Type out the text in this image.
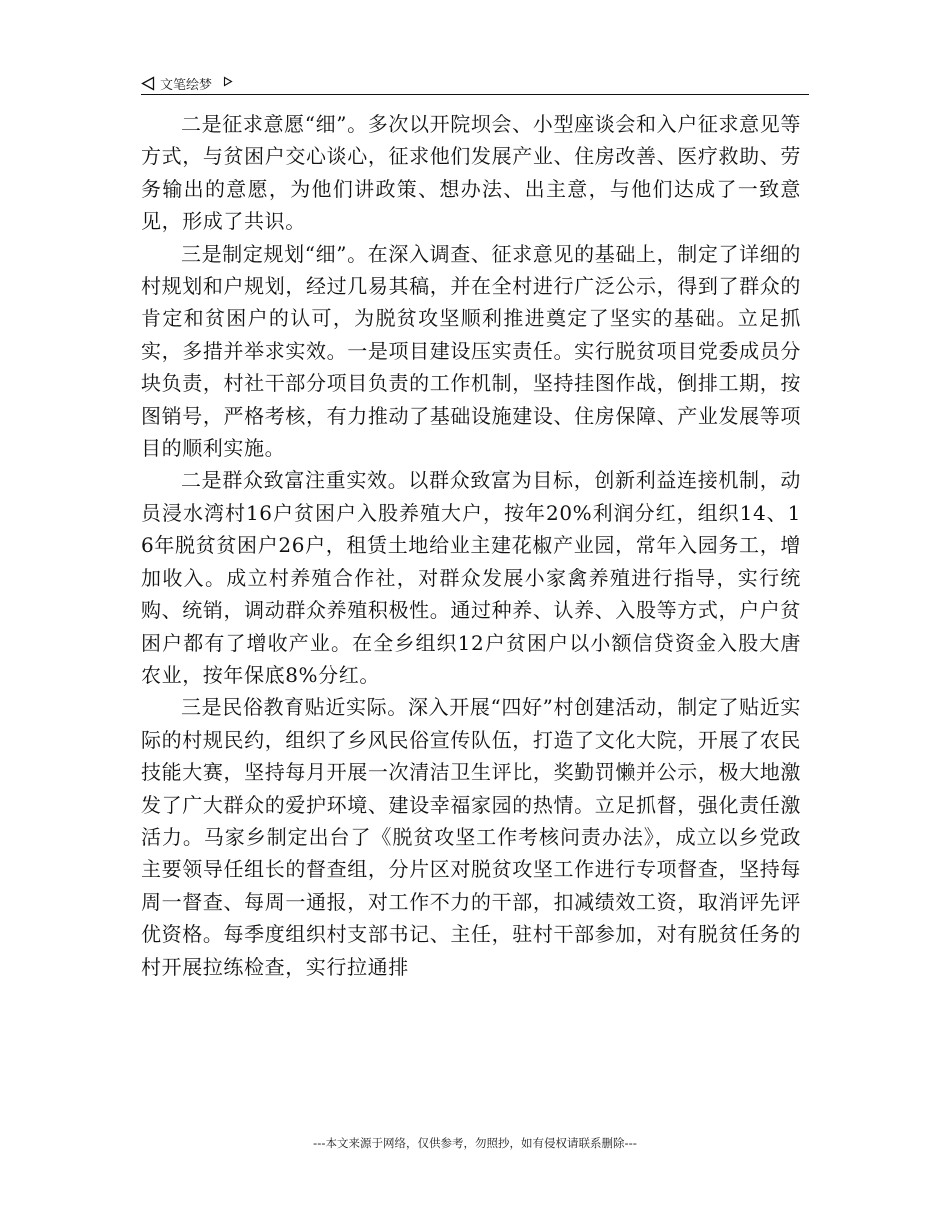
文笔绘梦

二是征求意愿“细”。多次以开院坝会、小型座谈会和入户征求意见等方式，与贫困户交心谈心，征求他们发展产业、住房改善、医疗救助、劳务输出的意愿，为他们讲政策、想办法、出主意，与他们达成了一致意见，形成了共识。

三是制定规划“细”。在深入调查、征求意见的基础上，制定了详细的村规划和户规划，经过几易其稿，并在全村进行广泛公示，得到了群众的肯定和贫困户的认可，为脱贫攻坚顺利推进奠定了坚实的基础。立足抓实，多措并举求实效。一是项目建设压实责任。实行脱贫项目党委成员分块负责，村社干部分项目负责的工作机制，坚持挂图作战，倒排工期，按图销号，严格考核，有力推动了基础设施建设、住房保障、产业发展等项目的顺利实施。

二是群众致富注重实效。以群众致富为目标，创新利益连接机制，动员浸水湾村16户贫困户入股养殖大户，按年20%利润分红，组织14、16年脱贫贫困户26户，租赁土地给业主建花椒产业园，常年入园务工，增加收入。成立村养殖合作社，对群众发展小家禽养殖进行指导，实行统购、统销，调动群众养殖积极性。通过种养、认养、入股等方式，户户贫困户都有了增收产业。在全乡组织12户贫困户以小额信贷资金入股大唐农业，按年保底8%分红。

三是民俗教育贴近实际。深入开展“四好”村创建活动，制定了贴近实际的村规民约，组织了乡风民俗宣传队伍，打造了文化大院，开展了农民技能大赛，坚持每月开展一次清洁卫生评比，奖勤罚懒并公示，极大地激发了广大群众的爱护环境、建设幸福家园的热情。立足抓督，强化责任激活力。马家乡制定出台了《脱贫攻坚工作考核问责办法》，成立以乡党政主要领导任组长的督查组，分片区对脱贫攻坚工作进行专项督查，坚持每周一督查、每周一通报，对工作不力的干部，扣减绩效工资，取消评先评优资格。每季度组织村支部书记、主任，驻村干部参加，对有脱贫任务的村开展拉练检查，实行拉通排

---本文来源于网络，仅供参考，勿照抄，如有侵权请联系删除---
